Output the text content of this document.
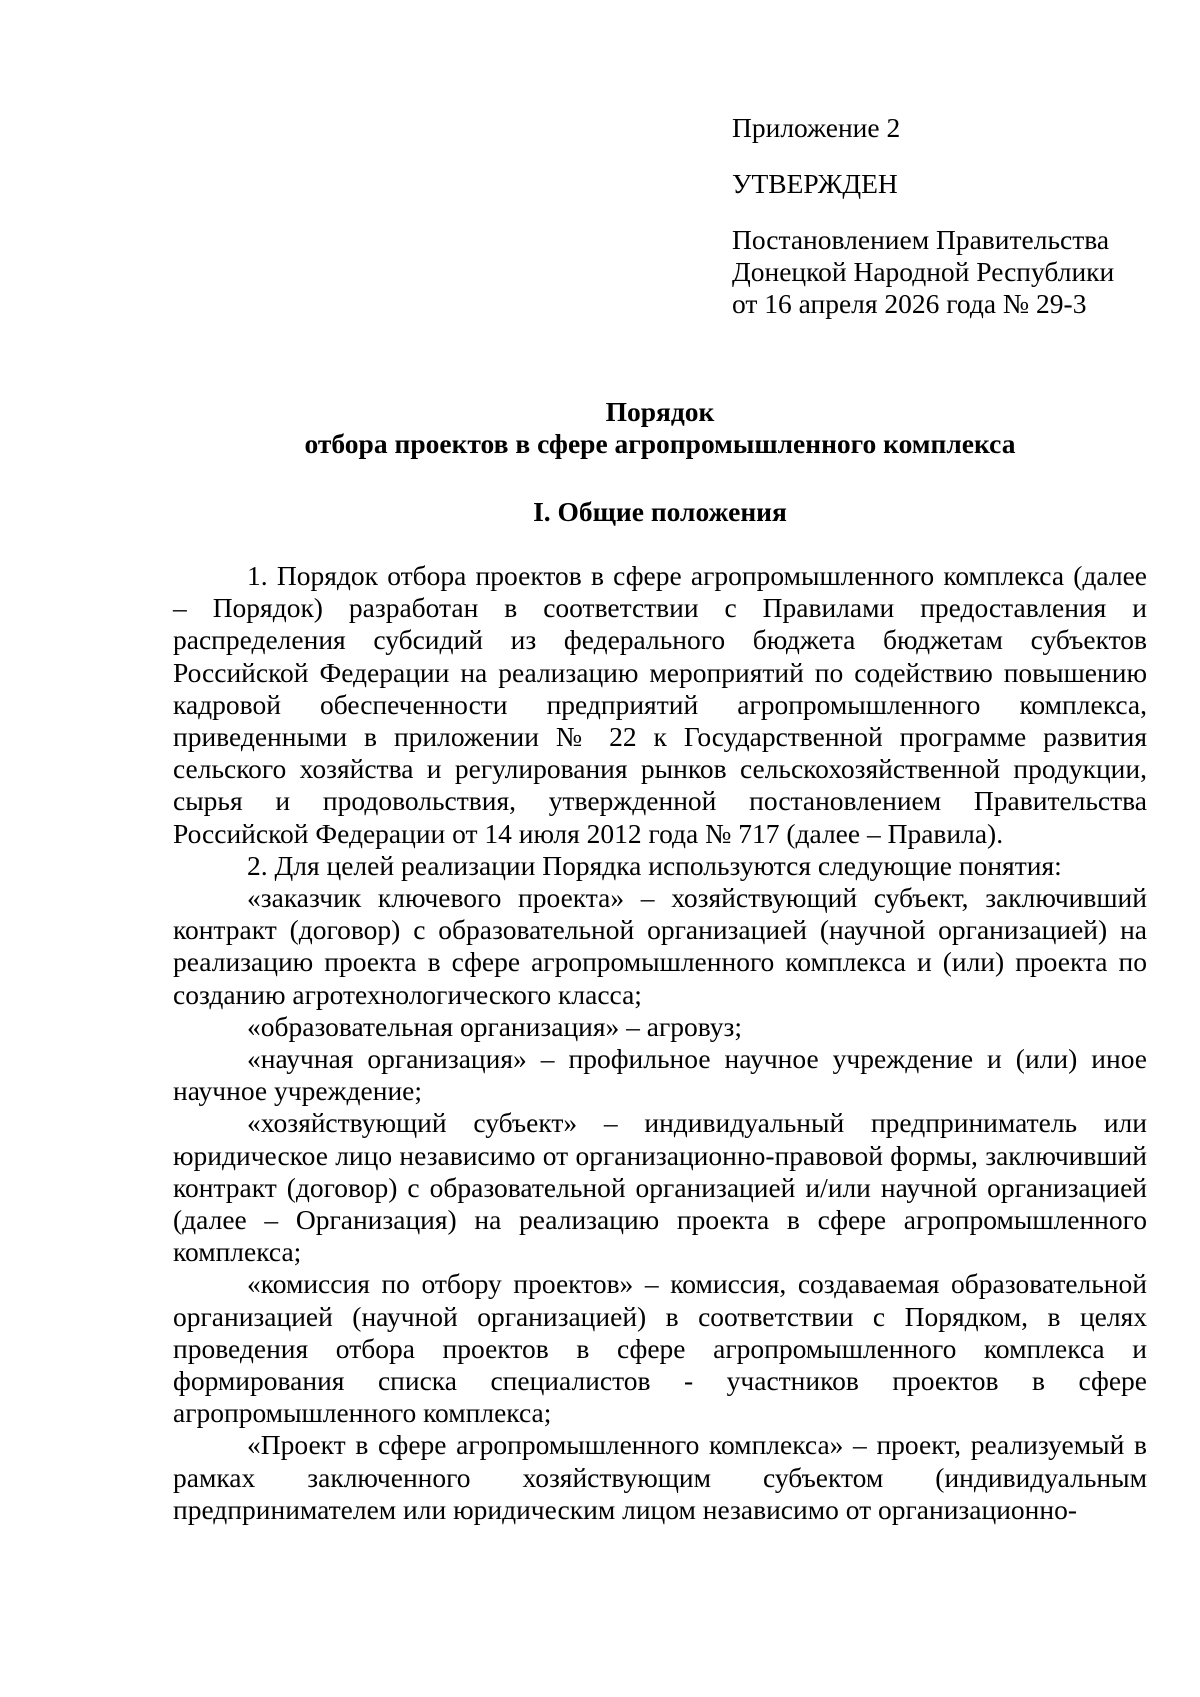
Приложение 2
УТВЕРЖДЕН
Постановлением Правительства
Донецкой Народной Республики
от 16 апреля 2026 года № 29-3
Порядок
отбора проектов в сфере агропромышленного комплекса
I. Общие положения

1. Порядок отбора проектов в сфере агропромышленного комплекса (далее – Порядок) разработан в соответствии с Правилами предоставления и распределения субсидий из федерального бюджета бюджетам субъектов Российской Федерации на реализацию мероприятий по содействию повышению кадровой обеспеченности предприятий агропромышленного комплекса, приведенными в приложении № 22 к Государственной программе развития сельского хозяйства и регулирования рынков сельскохозяйственной продукции, сырья и продовольствия, утвержденной постановлением Правительства Российской Федерации от 14 июля 2012 года № 717 (далее – Правила).

2. Для целей реализации Порядка используются следующие понятия:

«заказчик ключевого проекта» – хозяйствующий субъект, заключивший контракт (договор) с образовательной организацией (научной организацией) на реализацию проекта в сфере агропромышленного комплекса и (или) проекта по созданию агротехнологического класса;

«образовательная организация» – агровуз;

«научная организация» – профильное научное учреждение и (или) иное научное учреждение;

«хозяйствующий субъект» – индивидуальный предприниматель или юридическое лицо независимо от организационно-правовой формы, заключивший контракт (договор) с образовательной организацией и/или научной организацией (далее – Организация) на реализацию проекта в сфере агропромышленного комплекса;

«комиссия по отбору проектов» – комиссия, создаваемая образовательной организацией (научной организацией) в соответствии с Порядком, в целях проведения отбора проектов в сфере агропромышленного комплекса и формирования списка специалистов - участников проектов в сфере агропромышленного комплекса;

«Проект в сфере агропромышленного комплекса» – проект, реализуемый в рамках заключенного хозяйствующим субъектом (индивидуальным предпринимателем или юридическим лицом независимо от организационно-
